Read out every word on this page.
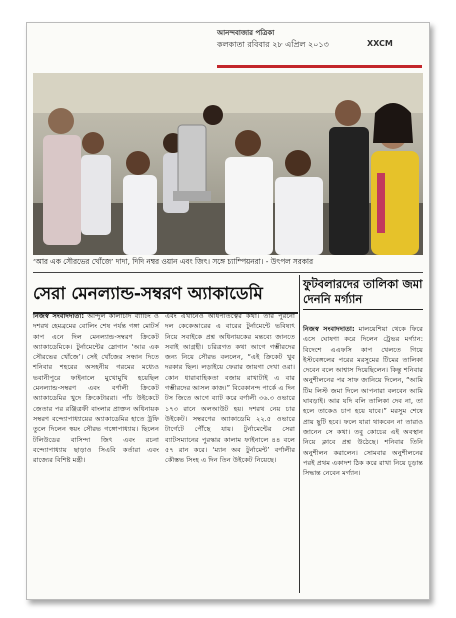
আনন্দবাজার পত্রিকা
কলকাতা রবিবার ২৮ এপ্রিল ২০১৩	XXCM
‘আর এক সৌরভের খোঁজে’ দাদা, দিদি নম্বর ওয়ান এবং জিৎ। সঙ্গে চ্যাম্পিয়নরা। - উৎপল সরকার
সেরা মেনল্যান্ড-সম্বরণ অ্যাকাডেমি
নিজস্ব সংবাদদাতা: আন্দুল কালাচাঁদ ব্যাটিং ও দশরথ হেমব্রমের বোলিং শেষ পর্যন্ত গঙ্গা মোটর্স কাপ এনে দিল মেনল্যান্ড-সম্বরণ ক্রিকেট অ্যাকাডেমিকে। টুর্নামেন্টের স্লোগান ‘আর এক সৌরভের খোঁজে’। সেই খোঁজের সন্ধান দিতে শনিবার শহরের অসহনীয় গরমের মধ্যেও ভবানীপুরে ফাইনালে মুখোমুখি হয়েছিল মেনল্যান্ড-সম্বরণ এবং বর্ণালী ক্রিকেট অ্যাকাডেমির খুদে ক্রিকেটাররা। পাঁচ উইকেটে জেতার পর রঞ্জিত্রফী বাংলার প্রাক্তন অধিনায়ক সম্বরণ বন্দ্যোপাধ্যায়ের অ্যাকাডেমির হাতে ট্রফি তুলে দিলেন স্বয়ং সৌরভ গঙ্গোপাধ্যায়। ছিলেন টলিউডের বাসিন্দা জিৎ এবং রচনা বন্দ্যোপাধ্যায় ছাড়াও সিএবি কর্তারা এবং রাজ্যের বিশিষ্ট মন্ত্রী।
এবং এখানেও অধিপতিত্বের কথা। তাঁর পুরনো দল কেকেআরের এ বারের টুর্নামেন্টে ভবিষ্যৎ নিয়ে সবাইকে প্রশ্ন অধিনায়কের মন্তব্যে জানতে সবাই আগ্রহী। চরিত্রগত কথা আগে গম্ভীরদের জন্য নিয়ে সৌরভ বললেন, “এই ক্রিকেট খুব দরকার ছিল। লড়াইয়ে ফেরার জায়গা দেখা ওরা। কোন ধারাবাহিকতা বজায় রাখাটাই এ বার গম্ভীরদের আসল কাজ।” বিবেকানন্দ পার্কে এ দিন টস জিতে আগে ব্যাট করে বর্ণালী ৩৬.৩ ওভারে ১৭৩ রানে অলআউট হয়। দশরথ নেয় চার উইকেট। সম্বরণের অ্যাকাডেমি ২২.৫ ওভারে টার্গেটে পৌঁছে যায়। টুর্নামেন্টের সেরা ব্যাটসম্যানের পুরস্কার কালাম ফাইনালে ৪৪ বলে ৫৭ রান করে। ‘ম্যান অব টুর্নামেন্ট’ বর্ণালীর কৌস্তভ সিংহ এ দিন তিন উইকেট নিয়েছে।
ফুটবলারদের তালিকা জমা দেননি মর্গ্যান
নিজস্ব সংবাদদাতা: মালয়েশিয়া থেকে ফিরে এসে ঘোষণা করে দিলেন ট্রেভর মর্গ্যান: বিদেশে এএফসি কাপ খেলতে গিয়ে ইস্টবেঙ্গলের পরের মরসুমের টিমের তালিকা দেবেন বলে আশ্বাস দিয়েছিলেন। কিন্তু শনিবার অনুশীলনের পর সাফ জানিয়ে দিলেন, “আমি টিম লিস্ট জমা দিলে আপনারা বলবেন আমি ঘাবড়াই। আর যদি বলি তালিকা দেব না, তা হলে তাকেও চাপ হয়ে যাবে।” মরসুম শেষে প্রায় ছুটি হবে। ফলে যারা থাকবেন না তারাও জানেন সে কথা। তবু কোচের এই অবস্থান নিয়ে ক্লাবে প্রশ্ন উঠেছে। শনিবার তিনি অনুশীলন করালেন। সোমবার অনুশীলনের পরই প্রথম একাদশ ঠিক করে রাখা নিয়ে চূড়ান্ত সিদ্ধান্ত নেবেন মর্গ্যান।
